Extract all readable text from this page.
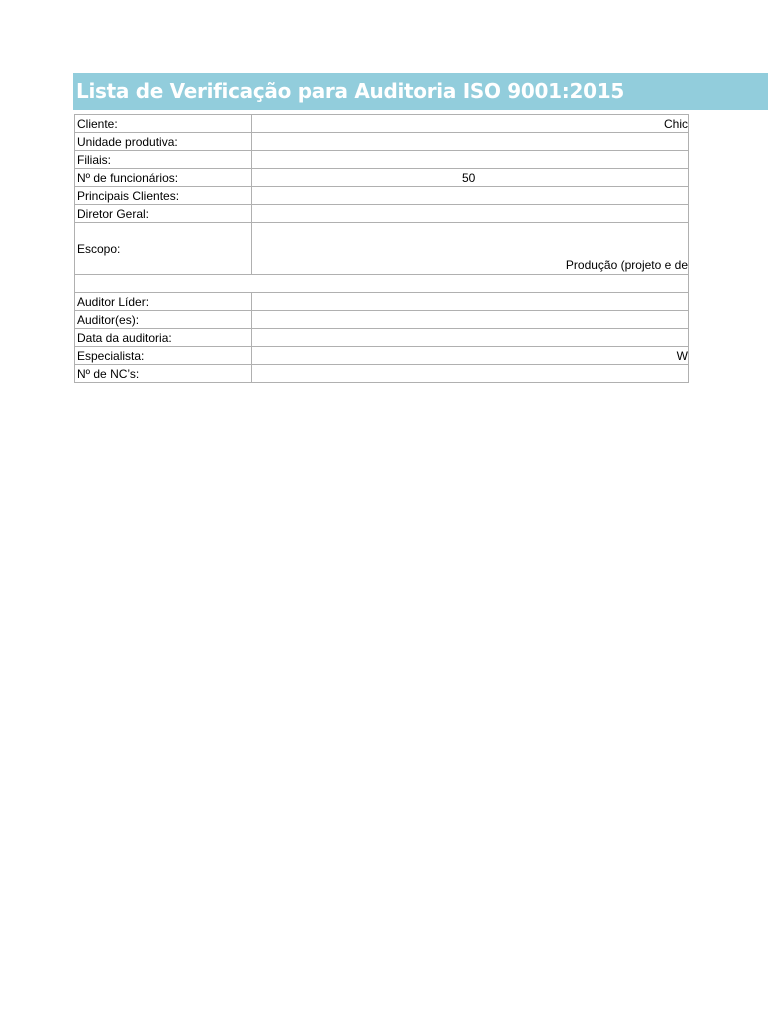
Lista de Verificação para Auditoria ISO 9001:2015
Cliente:	Chic
Unidade produtiva:	
Filiais:	
Nº de funcionários:	50
Principais Clientes:	
Diretor Geral:	
Escopo:	Produção (projeto e de

Auditor Líder:	
Auditor(es):	
Data da auditoria:	
Especialista:	W
Nº de NC’s:	
